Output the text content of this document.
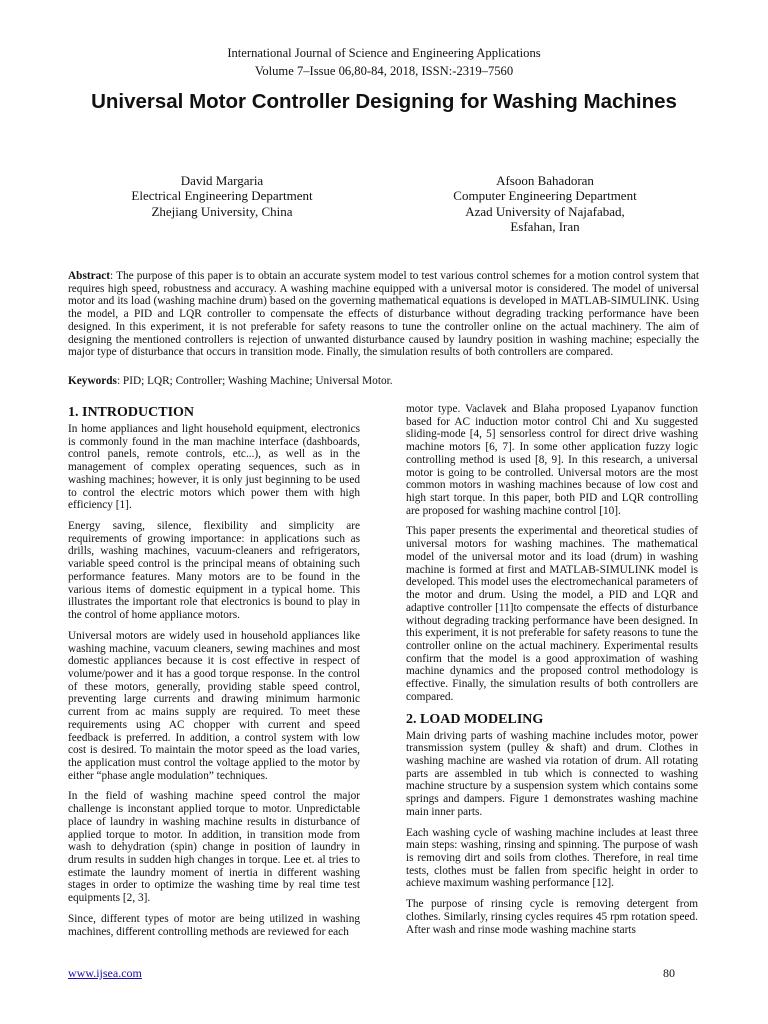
International Journal of Science and Engineering Applications
Volume 7–Issue 06,80-84, 2018, ISSN:-2319–7560
Universal Motor Controller Designing for Washing Machines
David Margaria
Electrical Engineering Department
Zhejiang University, China
Afsoon Bahadoran
Computer Engineering Department
Azad University of Najafabad,
Esfahan, Iran
Abstract: The purpose of this paper is to obtain an accurate system model to test various control schemes for a motion control system that requires high speed, robustness and accuracy. A washing machine equipped with a universal motor is considered. The model of universal motor and its load (washing machine drum) based on the governing mathematical equations is developed in MATLAB-SIMULINK. Using the model, a PID and LQR controller to compensate the effects of disturbance without degrading tracking performance have been designed. In this experiment, it is not preferable for safety reasons to tune the controller online on the actual machinery. The aim of designing the mentioned controllers is rejection of unwanted disturbance caused by laundry position in washing machine; especially the major type of disturbance that occurs in transition mode. Finally, the simulation results of both controllers are compared.
Keywords: PID; LQR; Controller; Washing Machine; Universal Motor.
1. INTRODUCTION

In home appliances and light household equipment, electronics is commonly found in the man machine interface (dashboards, control panels, remote controls, etc...), as well as in the management of complex operating sequences, such as in washing machines; however, it is only just beginning to be used to control the electric motors which power them with high efficiency [1].

Energy saving, silence, flexibility and simplicity are requirements of growing importance: in applications such as drills, washing machines, vacuum-cleaners and refrigerators, variable speed control is the principal means of obtaining such performance features. Many motors are to be found in the various items of domestic equipment in a typical home. This illustrates the important role that electronics is bound to play in the control of home appliance motors.

Universal motors are widely used in household appliances like washing machine, vacuum cleaners, sewing machines and most domestic appliances because it is cost effective in respect of volume/power and it has a good torque response. In the control of these motors, generally, providing stable speed control, preventing large currents and drawing minimum harmonic current from ac mains supply are required. To meet these requirements using AC chopper with current and speed feedback is preferred. In addition, a control system with low cost is desired. To maintain the motor speed as the load varies, the application must control the voltage applied to the motor by either “phase angle modulation” techniques.

In the field of washing machine speed control the major challenge is inconstant applied torque to motor. Unpredictable place of laundry in washing machine results in disturbance of applied torque to motor. In addition, in transition mode from wash to dehydration (spin) change in position of laundry in drum results in sudden high changes in torque. Lee et. al tries to estimate the laundry moment of inertia in different washing stages in order to optimize the washing time by real time test equipments [2, 3].

Since, different types of motor are being utilized in washing machines, different controlling methods are reviewed for each

motor type. Vaclavek and Blaha proposed Lyapanov function based for AC induction motor control Chi and Xu suggested sliding-mode [4, 5] sensorless control for direct drive washing machine motors [6, 7]. In some other application fuzzy logic controlling method is used [8, 9]. In this research, a universal motor is going to be controlled. Universal motors are the most common motors in washing machines because of low cost and high start torque. In this paper, both PID and LQR controlling are proposed for washing machine control [10].

This paper presents the experimental and theoretical studies of universal motors for washing machines. The mathematical model of the universal motor and its load (drum) in washing machine is formed at first and MATLAB-SIMULINK model is developed. This model uses the electromechanical parameters of the motor and drum. Using the model, a PID and LQR and adaptive controller [11]to compensate the effects of disturbance without degrading tracking performance have been designed. In this experiment, it is not preferable for safety reasons to tune the controller online on the actual machinery. Experimental results confirm that the model is a good approximation of washing machine dynamics and the proposed control methodology is effective. Finally, the simulation results of both controllers are compared.

2. LOAD MODELING

Main driving parts of washing machine includes motor, power transmission system (pulley & shaft) and drum. Clothes in washing machine are washed via rotation of drum. All rotating parts are assembled in tub which is connected to washing machine structure by a suspension system which contains some springs and dampers. Figure 1 demonstrates washing machine main inner parts.

Each washing cycle of washing machine includes at least three main steps: washing, rinsing and spinning. The purpose of wash is removing dirt and soils from clothes. Therefore, in real time tests, clothes must be fallen from specific height in order to achieve maximum washing performance [12].

The purpose of rinsing cycle is removing detergent from clothes. Similarly, rinsing cycles requires 45 rpm rotation speed. After wash and rinse mode washing machine starts

www.ijsea.com	80
